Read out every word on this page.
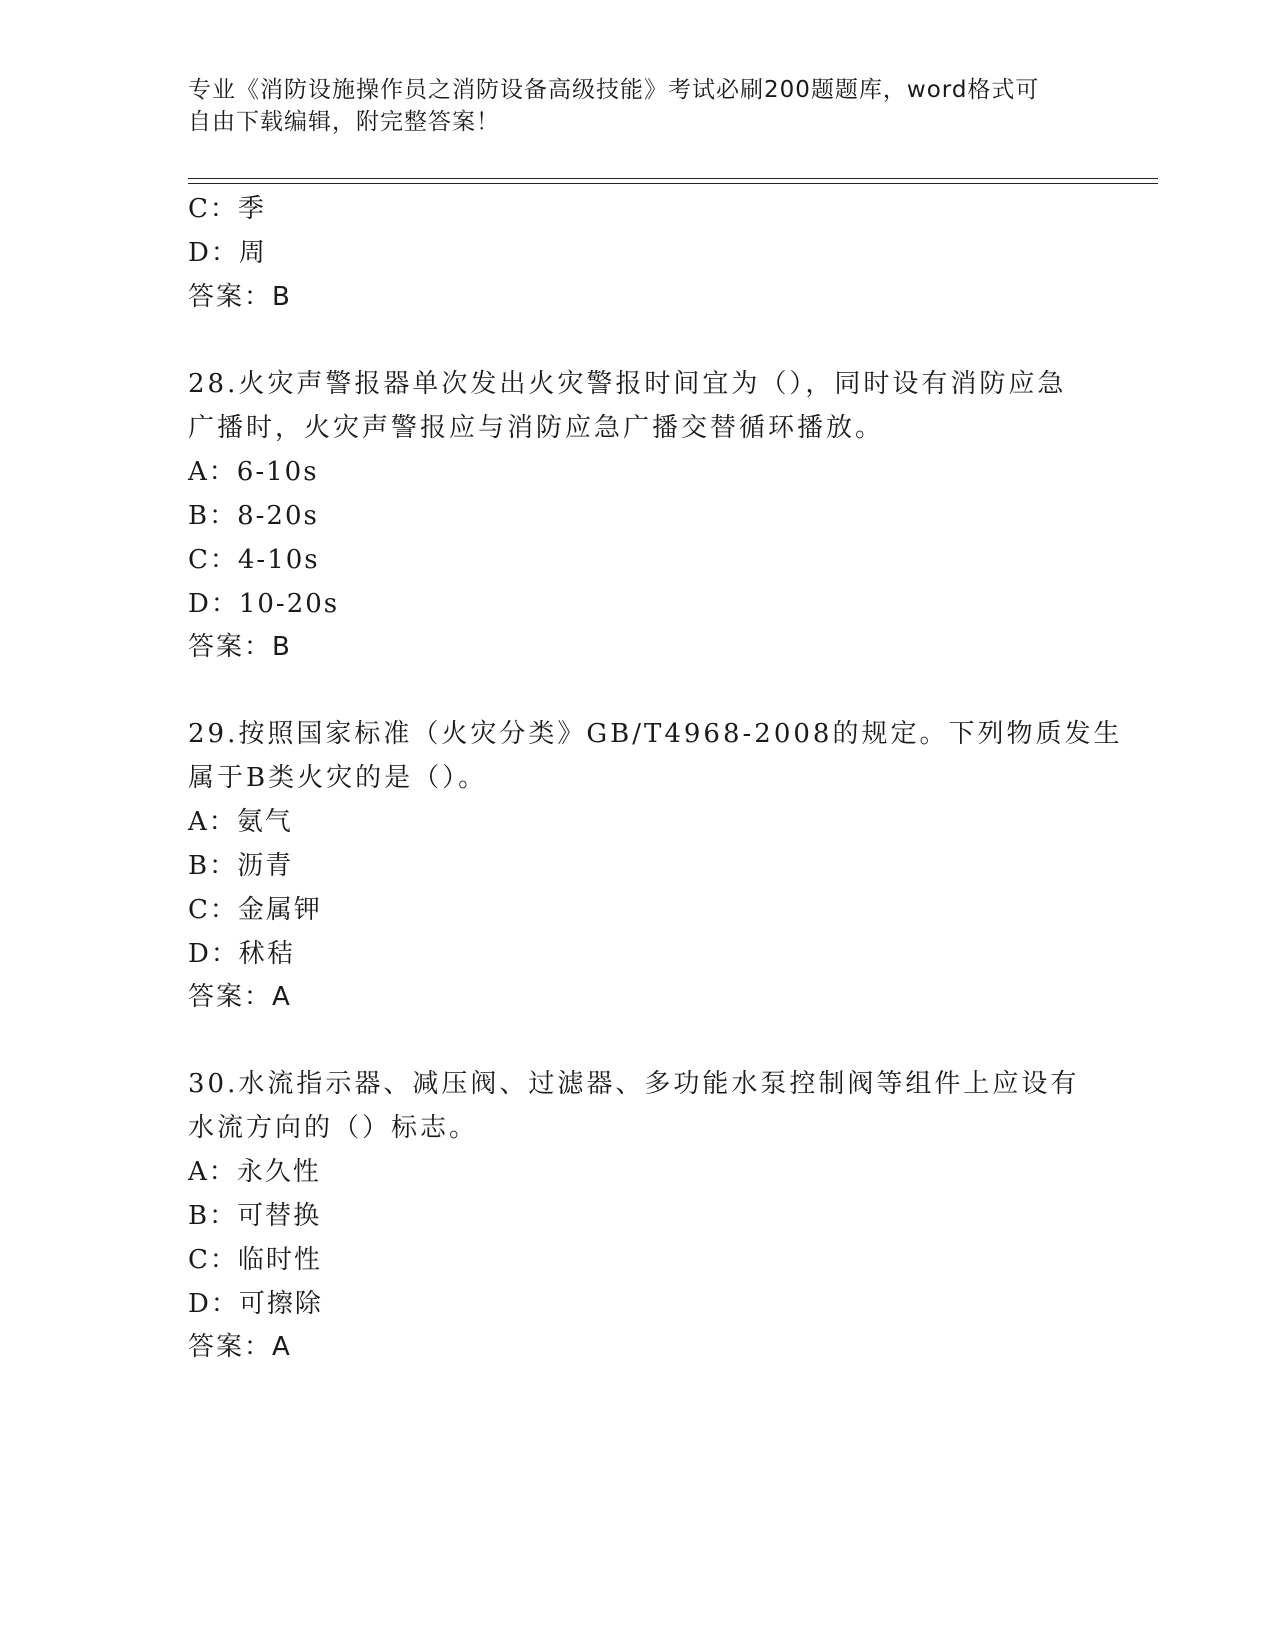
专业《消防设施操作员之消防设备高级技能》考试必刷200题题库，word格式可
自由下载编辑，附完整答案！
C：季
D：周
答案：B
28.火灾声警报器单次发出火灾警报时间宜为（），同时设有消防应急
广播时，火灾声警报应与消防应急广播交替循环播放。
A：6-10s
B：8-20s
C：4-10s
D：10-20s
答案：B
29.按照国家标准（火灾分类》GB/T4968-2008的规定。下列物质发生
属于B类火灾的是（）。
A：氨气
B：沥青
C：金属钾
D：秫秸
答案：A
30.水流指示器、减压阀、过滤器、多功能水泵控制阀等组件上应设有
水流方向的（）标志。
A：永久性
B：可替换
C：临时性
D：可擦除
答案：A
